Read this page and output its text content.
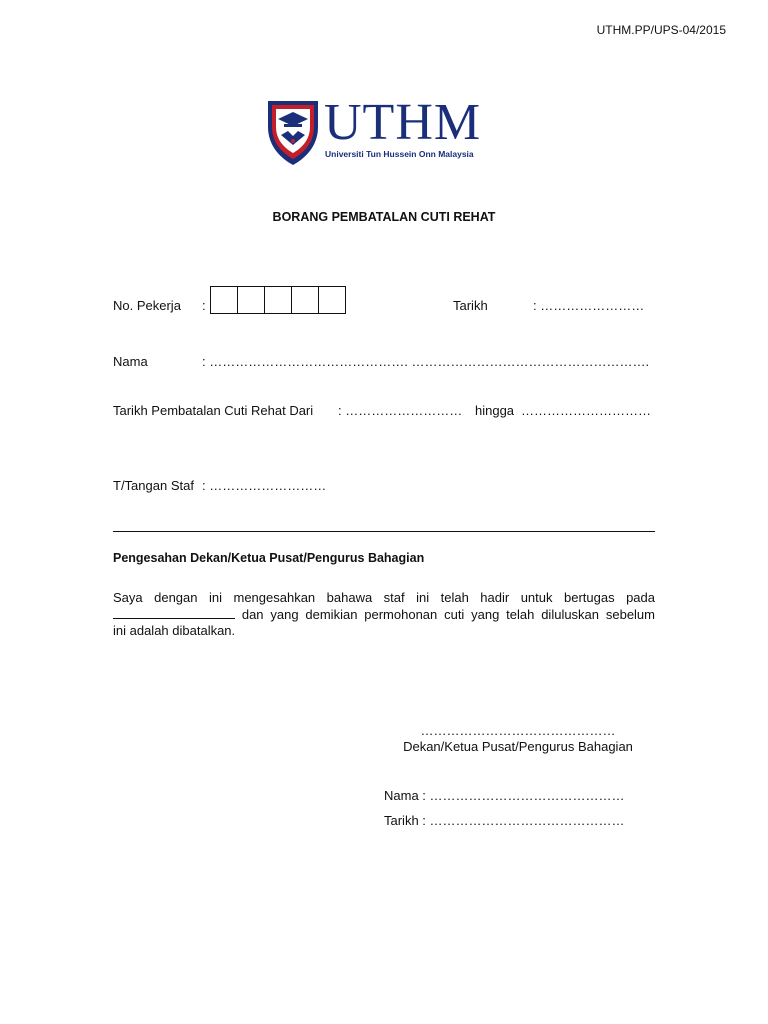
UTHM.PP/UPS-04/2015
UTHM
Universiti Tun Hussein Onn Malaysia
BORANG PEMBATALAN CUTI REHAT
No. Pekerja :	Tarikh	: ……………………
Nama	: ………………………………………. ……………………………………………….
Tarikh Pembatalan Cuti Rehat Dari : ……………………… hingga …………………………
T/Tangan Staf : ………………………
Pengesahan Dekan/Ketua Pusat/Pengurus Bahagian
Saya dengan ini mengesahkan bahawa staf ini telah hadir untuk bertugas pada
dan yang demikian permohonan cuti yang telah diluluskan sebelum
ini adalah dibatalkan.
………………………………………
Dekan/Ketua Pusat/Pengurus Bahagian
Nama : ………………………………………
Tarikh : ………………………………………
